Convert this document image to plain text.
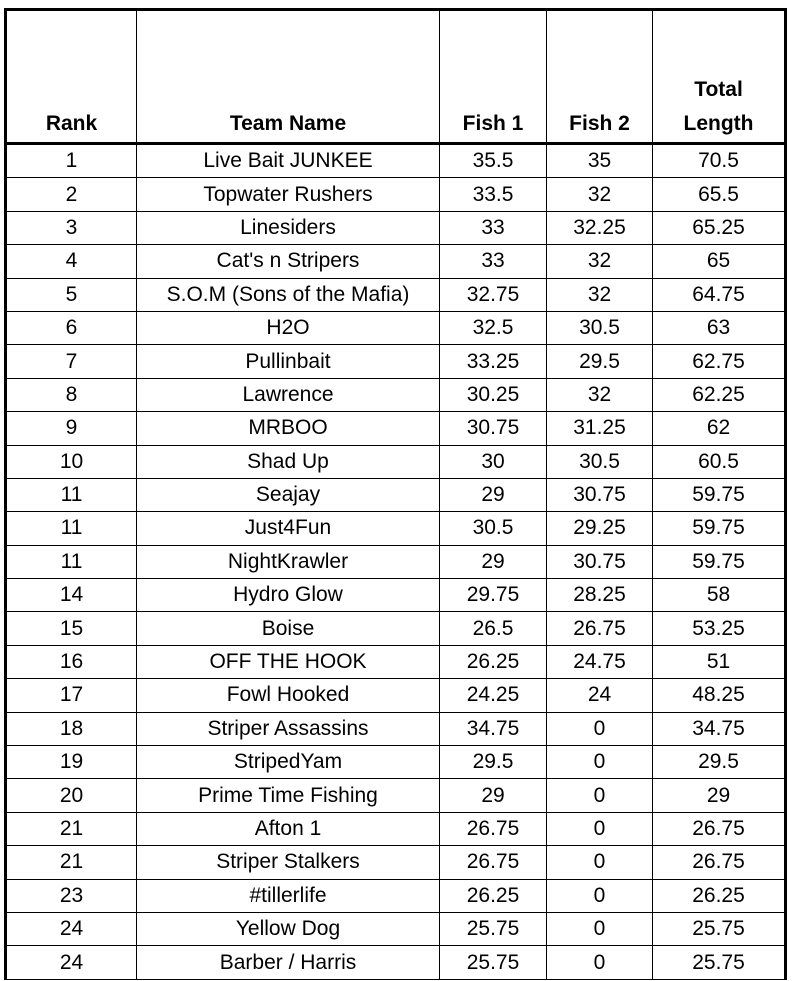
Rank	Team Name	Fish 1	Fish 2	Total
Length

1	Live Bait JUNKEE	35.5	35	70.5
2	Topwater Rushers	33.5	32	65.5
3	Linesiders	33	32.25	65.25
4	Cat's n Stripers	33	32	65
5	S.O.M (Sons of the Mafia)	32.75	32	64.75
6	H2O	32.5	30.5	63
7	Pullinbait	33.25	29.5	62.75
8	Lawrence	30.25	32	62.25
9	MRBOO	30.75	31.25	62
10	Shad Up	30	30.5	60.5
11	Seajay	29	30.75	59.75
11	Just4Fun	30.5	29.25	59.75
11	NightKrawler	29	30.75	59.75
14	Hydro Glow	29.75	28.25	58
15	Boise	26.5	26.75	53.25
16	OFF THE HOOK	26.25	24.75	51
17	Fowl Hooked	24.25	24	48.25
18	Striper Assassins	34.75	0	34.75
19	StripedYam	29.5	0	29.5
20	Prime Time Fishing	29	0	29
21	Afton 1	26.75	0	26.75
21	Striper Stalkers	26.75	0	26.75
23	#tillerlife	26.25	0	26.25
24	Yellow Dog	25.75	0	25.75
24	Barber / Harris	25.75	0	25.75
